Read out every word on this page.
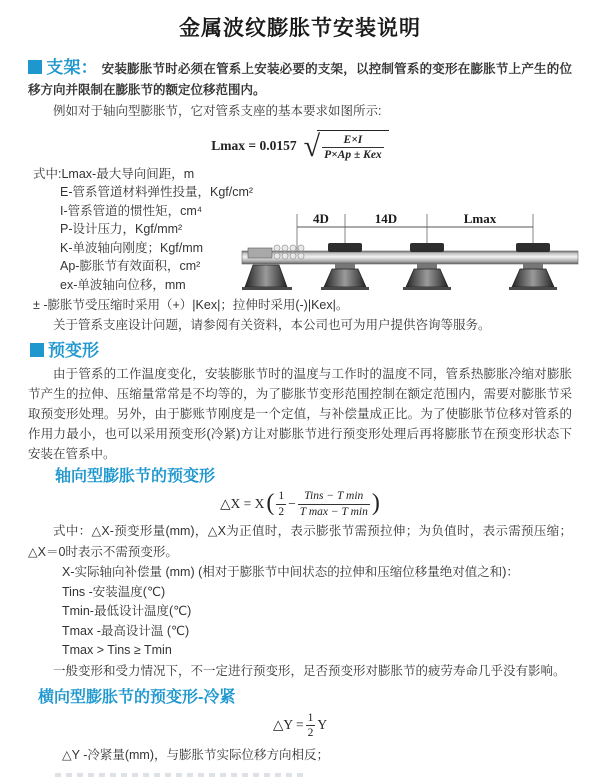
金属波纹膨胀节安装说明

支架： 安装膨胀节时必须在管系上安装必要的支架，以控制管系的变形在膨胀节上产生的位移方向并限制在膨胀节的额定位移范围内。

例如对于轴向型膨胀节，它对管系支座的基本要求如图所示:

Lmax = 0.0157 √ $\frac{E\times I}{\text{P×Ap ± Kex}}$
式中:Lmax-最大导向间距，m
E-管系管道材料弹性投量，Kgf/cm²
I-管系管道的惯性矩，cm⁴
P-设计压力，Kgf/mm²
K-单波轴向刚度；Kgf/mm
Ap-膨胀节有效面积，cm²
ex-单波轴向位移，mm
4D	14D	Lmax
± -膨胀节受压缩时采用（+）|Kex|；拉伸时采用(-)|Kex|。
关于管系支座设计问题，请参阅有关资料，本公司也可为用户提供咨询等服务。
预变形

由于管系的工作温度变化，安装膨胀节时的温度与工作时的温度不同，管系热膨胀冷缩对膨胀节产生的拉伸、压缩量常常是不均等的，为了膨胀节变形范围控制在额定范围内，需要对膨胀节采取预变形处理。另外，由于膨账节刚度是一个定值，与补偿量成正比。为了使膨胀节位移对管系的作用力最小，也可以采用预变形(冷紧)方让对膨胀节进行预变形处理后再将膨胀节在预变形状态下安装在管系中。

轴向型膨胀节的预变形
△X = X ( $\frac{1}{2} - \frac{\text{Tins − T min}}{\text{T max − T min}}$ )

式中：△X-预变形量(mm)，△X为正值时，表示膨张节需预拉伸；为负值时，表示需预压缩；△X＝0时表示不需预变形。

X-实际轴向补偿量 (mm) (相对于膨胀节中间状态的拉伸和压缩位移量绝对值之和)：
Tins -安装温度(℃)
Tmin-最低设计温度(℃)
Tmax -最高设计温 (℃)
Tmax > Tins ≥ Tmin
一般变形和受力情况下，不一定进行预变形，足否预变形对膨胀节的疲劳寿命几乎没有影响。
横向型膨胀节的预变形-冷紧
△Y = $\frac{1}{2}$ Y
△Y -冷紧量(mm)，与膨胀节实际位移方向相反；
